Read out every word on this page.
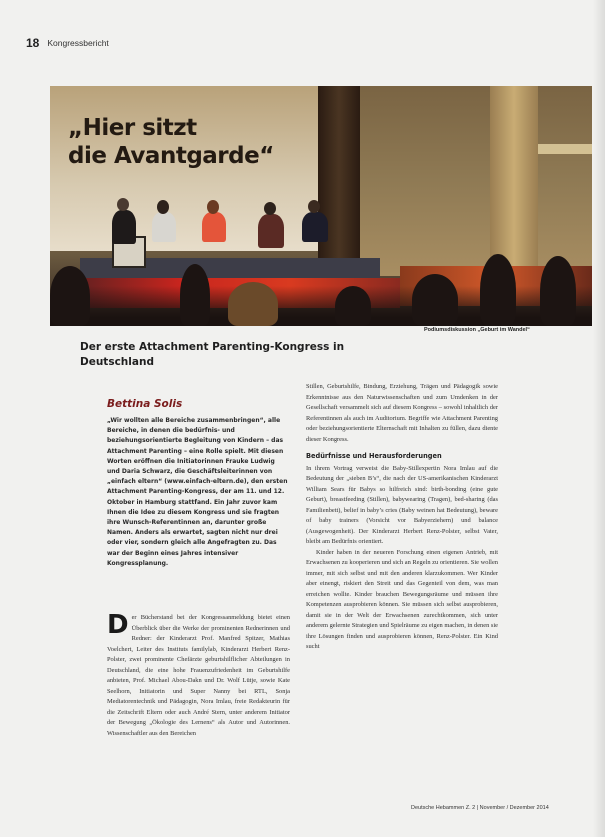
18 Kongressbericht
„Hier sitzt
die Avantgarde“
Podiumsdiskussion „Geburt im Wandel“
Der erste Attachment Parenting-Kongress in Deutschland
Bettina Solis
„Wir wollten alle Bereiche zusammenbringen“, alle Bereiche, in denen die bedürfnis- und beziehungsorientierte Begleitung von Kindern – das Attachment Parenting – eine Rolle spielt. Mit diesen Worten eröffnen die Initiatorinnen Frauke Ludwig und Daria Schwarz, die Geschäftsleiterinnen von „einfach eltern“ (www.einfach-eltern.de), den ersten Attachment Parenting-Kongress, der am 11. und 12. Oktober in Hamburg stattfand. Ein Jahr zuvor kam Ihnen die Idee zu diesem Kongress und sie fragten ihre Wunsch-Referentinnen an, darunter große Namen. Anders als erwartet, sagten nicht nur drei oder vier, sondern gleich alle Angefragten zu. Das war der Beginn eines Jahres intensiver Kongressplanung.
D er Bücherstand bei der Kongressanmeldung bietet einen Überblick über die Werke der prominenten Rednerinnen und Redner: der Kinderarzt Prof. Manfred Spitzer, Mathias Voelchert, Leiter des Instituts familylab, Kinderarzt Herbert Renz-Polster, zwei prominente Chefärzte geburtshilflicher Abteilungen in Deutschland, die eine hohe Frauenzufriedenheit im Geburtshilfe anbieten, Prof. Michael Abou-Dakn und Dr. Wolf Lütje, sowie Kate Seelhorn, Initiatorin und Super Nanny bei RTL, Sonja Mediatorentechnik und Pädagogin, Nora Imlau, freie Redakteurin für die Zeitschrift Eltern oder auch André Stern, unter anderem Initiator der Bewegung „Ökologie des Lernens“ als Autor und Autorinnen. Wissenschaftler aus den Bereichen

Stillen, Geburtshilfe, Bindung, Erziehung, Trägen und Pädagogik sowie Erkenntnisse aus den Naturwissenschaften und zum Umdenken in der Gesellschaft versammelt sich auf diesem Kongress – sowohl inhaltlich der Referentinnen als auch im Auditorium. Begriffe wie Attachment Parenting oder beziehungsorientierte Elternschaft mit Inhalten zu füllen, dazu diente dieser Kongress.

Bedürfnisse und Herausforderungen

In ihrem Vortrag verweist die Baby-Stillexpertin Nora Imlau auf die Bedeutung der „sieben B’s“, die nach der US-amerikanischen Kinderarzt William Sears für Babys so hilfreich sind: birth-bonding (eine gute Geburt), breastfeeding (Stillen), babywearing (Tragen), bed-sharing (das Familienbett), belief in baby’s cries (Baby weinen hat Bedeutung), beware of baby trainers (Vorsicht vor Babyerziehern) und balance (Ausgewogenheit). Der Kinderarzt Herbert Renz-Polster, selbst Vater, bleibt am Bedürfnis orientiert.

Kinder haben in der neueren Forschung einen eigenen Antrieb, mit Erwachsenen zu kooperieren und sich an Regeln zu orientieren. Sie wollen immer, mit sich selbst und mit den anderen klarzukommen. Wer Kinder aber einengt, riskiert den Streit und das Gegenteil von dem, was man erreichen wollte. Kinder brauchen Bewegungsräume und müssen ihre Kompetenzen ausprobieren können. Sie müssen sich selbst ausprobieren, damit sie in der Welt der Erwachsenen zurechtkommen, sich unter anderem gelernte Strategien und Spielräume zu eigen machen, in denen sie ihre Lösungen finden und ausprobieren können, Renz-Polster. Ein Kind sucht

Deutsche Hebammen Z. 2 | November / Dezember 2014
